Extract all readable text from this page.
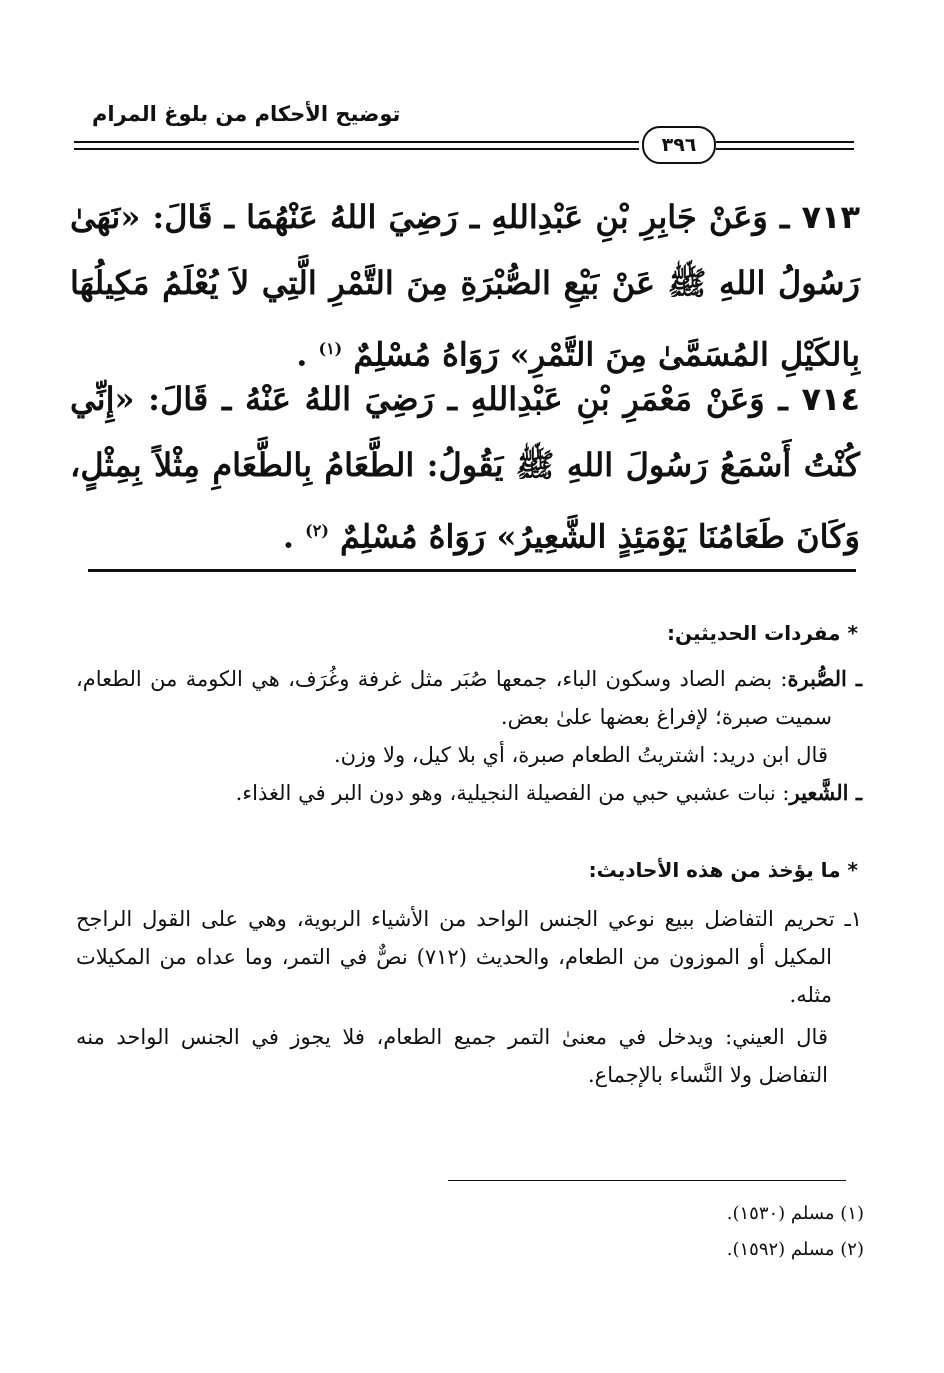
توضيح الأحكام من بلوغ المرام
٣٩٦
٧١٣ ـ وَعَنْ جَابِرِ بْنِ عَبْدِاللهِ ـ رَضِيَ اللهُ عَنْهُمَا ـ قَالَ: «نَهَىٰ رَسُولُ اللهِ ﷺ عَنْ بَيْعِ الصُّبْرَةِ مِنَ التَّمْرِ الَّتِي لاَ يُعْلَمُ مَكِيلُهَا بِالكَيْلِ المُسَمَّىٰ مِنَ التَّمْرِ» رَوَاهُ مُسْلِمٌ $^{(١)}$ .
٧١٤ ـ وَعَنْ مَعْمَرِ بْنِ عَبْدِاللهِ ـ رَضِيَ اللهُ عَنْهُ ـ قَالَ: «إِنِّي كُنْتُ أَسْمَعُ رَسُولَ اللهِ ﷺ يَقُولُ: الطَّعَامُ بِالطَّعَامِ مِثْلاً بِمِثْلٍ، وَكَانَ طَعَامُنَا يَوْمَئِذٍ الشَّعِيرُ» رَوَاهُ مُسْلِمٌ $^{(٢)}$ .
* مفردات الحديثين:

ـ الصُّبرة: بضم الصاد وسكون الباء، جمعها صُبَر مثل غرفة وغُرَف، هي الكومة من الطعام، سميت صبرة؛ لإفراغ بعضها علىٰ بعض.

قال ابن دريد: اشتريتُ الطعام صبرة، أي بلا كيل، ولا وزن.

ـ الشَّعير: نبات عشبي حبي من الفصيلة النجيلية، وهو دون البر في الغذاء.

* ما يؤخذ من هذه الأحاديث:

١ـ تحريم التفاضل ببيع نوعي الجنس الواحد من الأشياء الربوية، وهي على القول الراجح المكيل أو الموزون من الطعام، والحديث (٧١٢) نصٌّ في التمر، وما عداه من المكيلات مثله.

قال العيني: ويدخل في معنىٰ التمر جميع الطعام، فلا يجوز في الجنس الواحد منه التفاضل ولا النَّساء بالإجماع.

(١) مسلم (١٥٣٠).

(٢) مسلم (١٥٩٢).
